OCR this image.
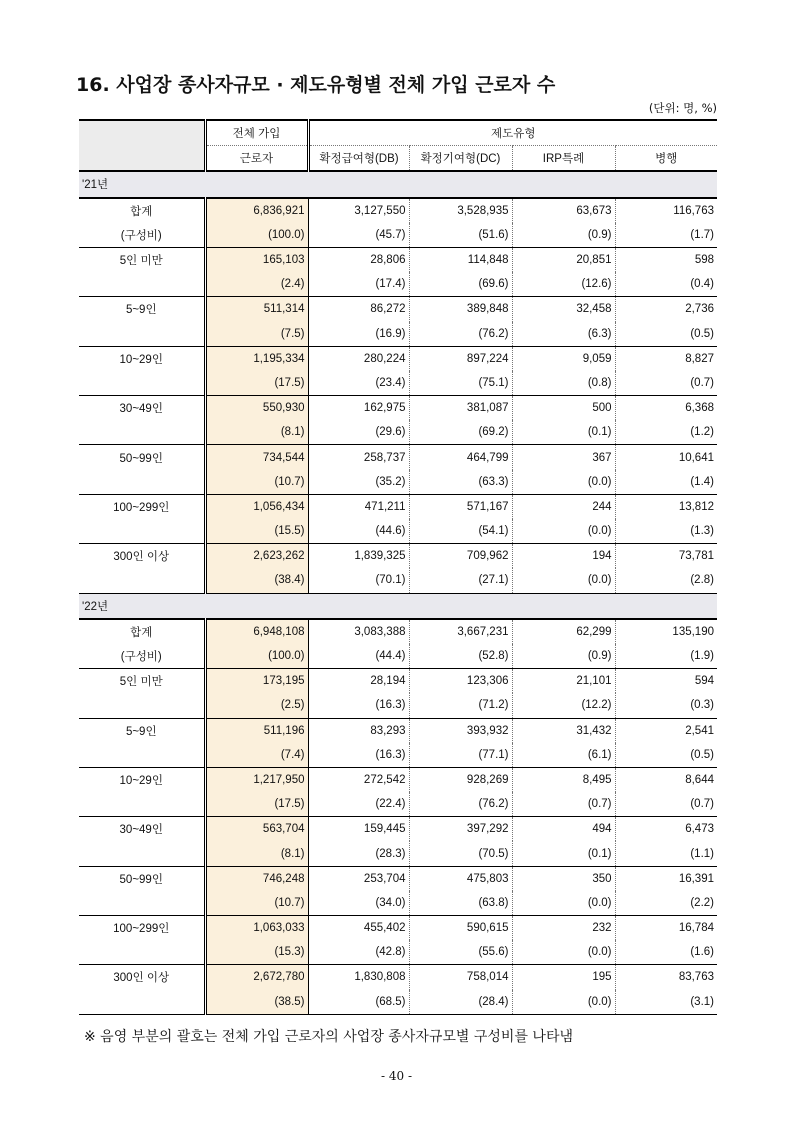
16. 사업장 종사자규모 · 제도유형별 전체 가입 근로자 수
(단위: 명, %)
	전체 가입	제도유형			
	근로자	확정급여형(DB)	확정기여형(DC)	IRP특례	병행
'21년					
합계	6,836,921	3,127,550	3,528,935	63,673	116,763
(구성비)	(100.0)	(45.7)	(51.6)	(0.9)	(1.7)
5인 미만	165,103	28,806	114,848	20,851	598
	(2.4)	(17.4)	(69.6)	(12.6)	(0.4)
5~9인	511,314	86,272	389,848	32,458	2,736
	(7.5)	(16.9)	(76.2)	(6.3)	(0.5)
10~29인	1,195,334	280,224	897,224	9,059	8,827
	(17.5)	(23.4)	(75.1)	(0.8)	(0.7)
30~49인	550,930	162,975	381,087	500	6,368
	(8.1)	(29.6)	(69.2)	(0.1)	(1.2)
50~99인	734,544	258,737	464,799	367	10,641
	(10.7)	(35.2)	(63.3)	(0.0)	(1.4)
100~299인	1,056,434	471,211	571,167	244	13,812
	(15.5)	(44.6)	(54.1)	(0.0)	(1.3)
300인 이상	2,623,262	1,839,325	709,962	194	73,781
	(38.4)	(70.1)	(27.1)	(0.0)	(2.8)
'22년					
합계	6,948,108	3,083,388	3,667,231	62,299	135,190
(구성비)	(100.0)	(44.4)	(52.8)	(0.9)	(1.9)
5인 미만	173,195	28,194	123,306	21,101	594
	(2.5)	(16.3)	(71.2)	(12.2)	(0.3)
5~9인	511,196	83,293	393,932	31,432	2,541
	(7.4)	(16.3)	(77.1)	(6.1)	(0.5)
10~29인	1,217,950	272,542	928,269	8,495	8,644
	(17.5)	(22.4)	(76.2)	(0.7)	(0.7)
30~49인	563,704	159,445	397,292	494	6,473
	(8.1)	(28.3)	(70.5)	(0.1)	(1.1)
50~99인	746,248	253,704	475,803	350	16,391
	(10.7)	(34.0)	(63.8)	(0.0)	(2.2)
100~299인	1,063,033	455,402	590,615	232	16,784
	(15.3)	(42.8)	(55.6)	(0.0)	(1.6)
300인 이상	2,672,780	1,830,808	758,014	195	83,763
	(38.5)	(68.5)	(28.4)	(0.0)	(3.1)
※ 음영 부분의 괄호는 전체 가입 근로자의 사업장 종사자규모별 구성비를 나타냄
- 40 -
